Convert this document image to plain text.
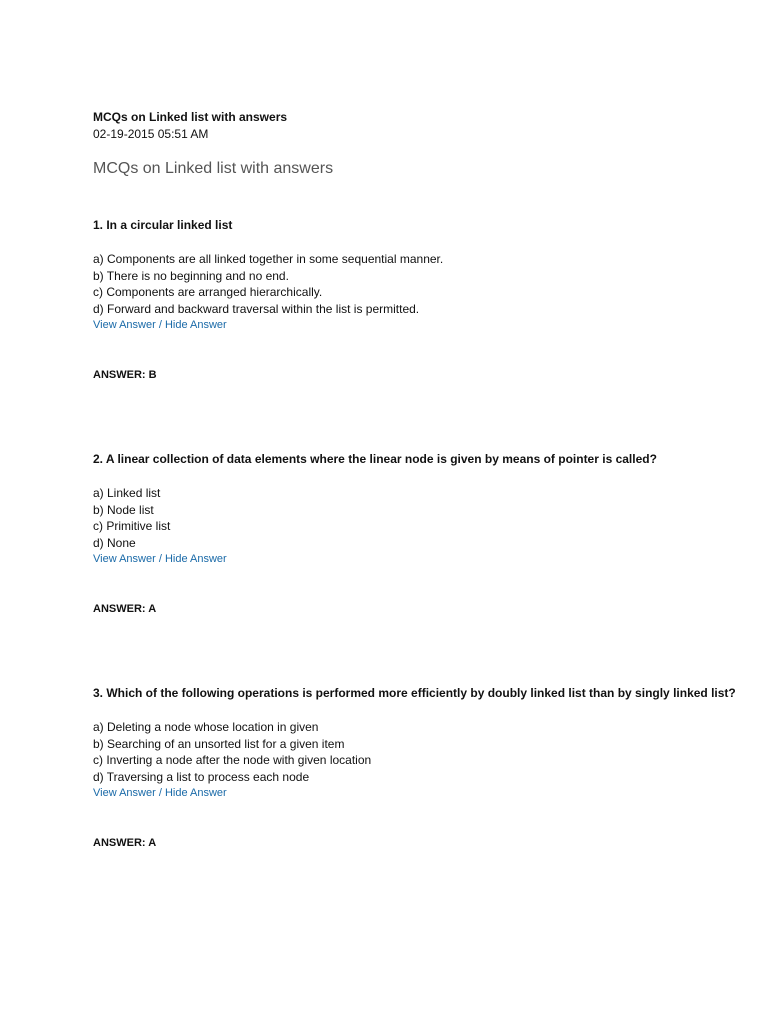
MCQs on Linked list with answers

02-19-2015 05:51 AM

MCQs on Linked list with answers

1. In a circular linked list

a) Components are all linked together in some sequential manner.
b) There is no beginning and no end.
c) Components are arranged hierarchically.
d) Forward and backward traversal within the list is permitted.

View Answer / Hide Answer

ANSWER: B

2. A linear collection of data elements where the linear node is given by means of pointer is called?

a) Linked list
b) Node list
c) Primitive list
d) None

View Answer / Hide Answer

ANSWER: A

3. Which of the following operations is performed more efficiently by doubly linked list than by singly linked list?

a) Deleting a node whose location in given
b) Searching of an unsorted list for a given item
c) Inverting a node after the node with given location
d) Traversing a list to process each node

View Answer / Hide Answer

ANSWER: A
